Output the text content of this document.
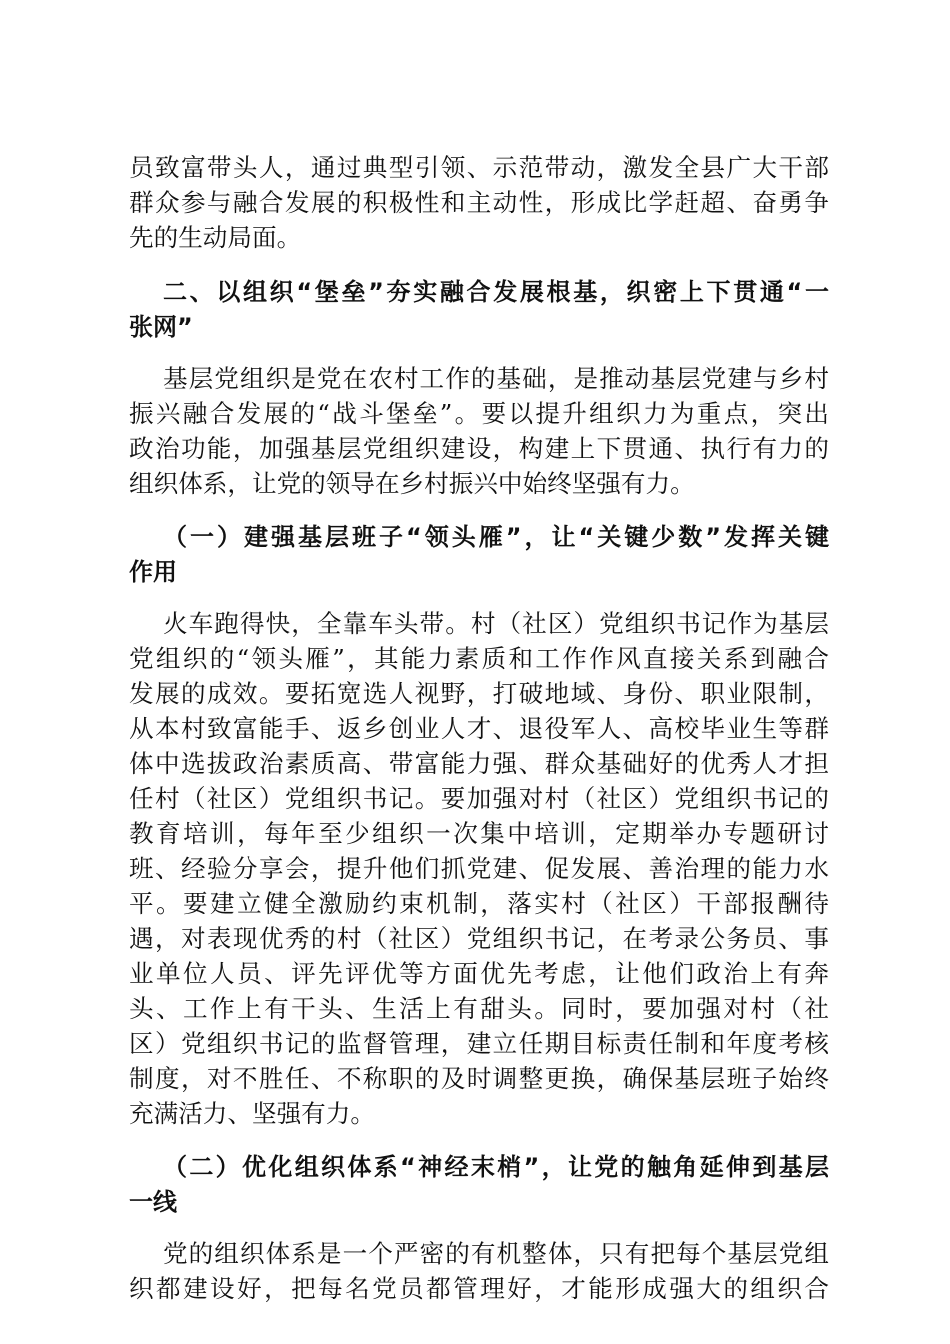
员致富带头人，通过典型引领、示范带动，激发全县广大干部
群众参与融合发展的积极性和主动性，形成比学赶超、奋勇争
先的生动局面。
二、以组织“堡垒”夯实融合发展根基，织密上下贯通“一
张网”
基层党组织是党在农村工作的基础，是推动基层党建与乡村
振兴融合发展的“战斗堡垒”。要以提升组织力为重点，突出
政治功能，加强基层党组织建设，构建上下贯通、执行有力的
组织体系，让党的领导在乡村振兴中始终坚强有力。
（一）建强基层班子“领头雁”，让“关键少数”发挥关键
作用
火车跑得快，全靠车头带。村（社区）党组织书记作为基层
党组织的“领头雁”，其能力素质和工作作风直接关系到融合
发展的成效。要拓宽选人视野，打破地域、身份、职业限制，
从本村致富能手、返乡创业人才、退役军人、高校毕业生等群
体中选拔政治素质高、带富能力强、群众基础好的优秀人才担
任村（社区）党组织书记。要加强对村（社区）党组织书记的
教育培训，每年至少组织一次集中培训，定期举办专题研讨
班、经验分享会，提升他们抓党建、促发展、善治理的能力水
平。要建立健全激励约束机制，落实村（社区）干部报酬待
遇，对表现优秀的村（社区）党组织书记，在考录公务员、事
业单位人员、评先评优等方面优先考虑，让他们政治上有奔
头、工作上有干头、生活上有甜头。同时，要加强对村（社
区）党组织书记的监督管理，建立任期目标责任制和年度考核
制度，对不胜任、不称职的及时调整更换，确保基层班子始终
充满活力、坚强有力。
（二）优化组织体系“神经末梢”，让党的触角延伸到基层
一线
党的组织体系是一个严密的有机整体，只有把每个基层党组
织都建设好，把每名党员都管理好，才能形成强大的组织合
